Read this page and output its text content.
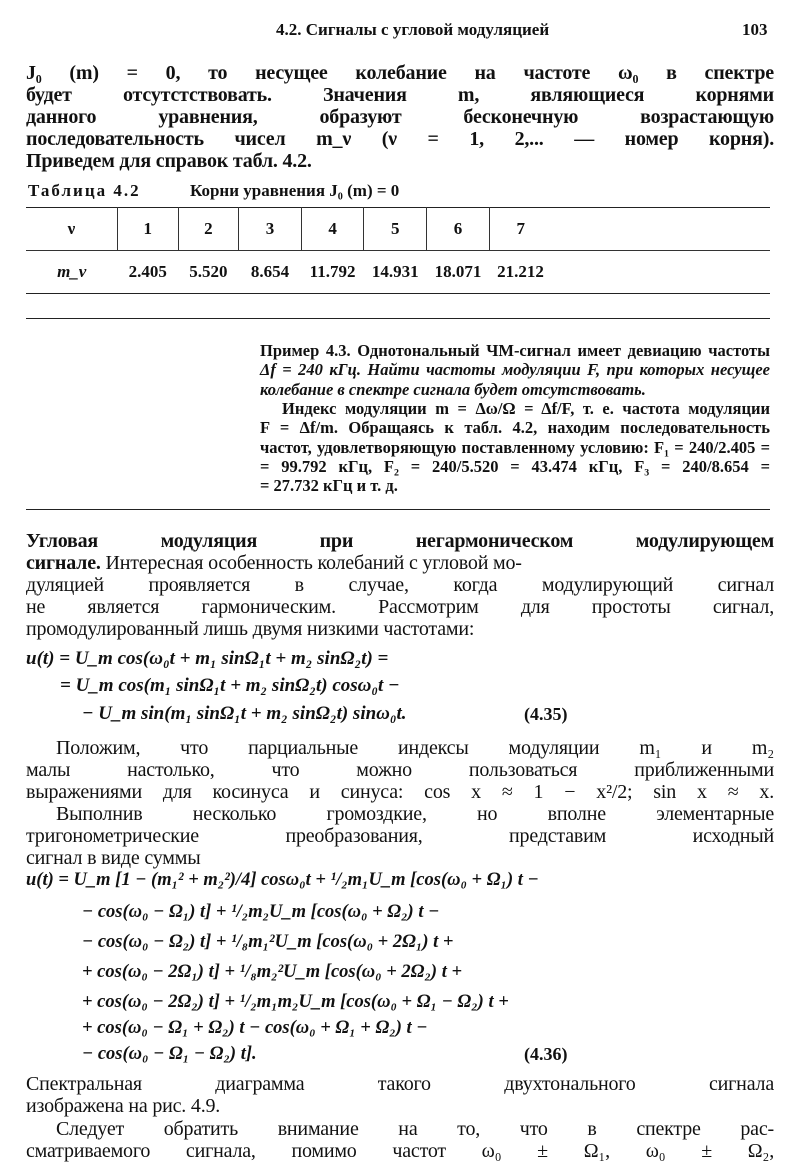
4.2. Сигналы с угловой модуляцией	103
J₀ (m) = 0, то несущее колебание на частоте ω₀ в спектре
будет отсутстствовать. Значения m, являющиеся корнями
данного уравнения, образуют бесконечную возрастающую
последовательность чисел m_ν (ν = 1, 2,... — номер корня).
Приведем для справок табл. 4.2.
Таблица 4.2	Корни уравнения J₀ (m) = 0
ν	1	2	3	4	5	6	7	
m_ν	2.405	5.520	8.654	11.792	14.931	18.071	21.212	
Пример 4.3. Однотональный ЧМ-сигнал имеет девиацию частоты
Δf = 240 кГц. Найти частоты модуляции F, при которых несущее
колебание в спектре сигнала будет отсутствовать.
Индекс модуляции m = Δω/Ω = Δf/F, т. е. частота модуляции
F = Δf/m. Обращаясь к табл. 4.2, находим последовательность
частот, удовлетворяющую поставленному условию: F₁ = 240/2.405 =
= 99.792 кГц, F₂ = 240/5.520 = 43.474 кГц, F₃ = 240/8.654 =
= 27.732 кГц и т. д.
Угловая модуляция при негармоническом модулирующем
сигнале. Интересная особенность колебаний с угловой мо-
дуляцией проявляется в случае, когда модулирующий сигнал
не является гармоническим. Рассмотрим для простоты сигнал,
промодулированный лишь двумя низкими частотами:
u(t) = U_m cos(ω₀t + m₁ sinΩ₁t + m₂ sinΩ₂t) =
= U_m cos(m₁ sinΩ₁t + m₂ sinΩ₂t) cosω₀t −
− U_m sin(m₁ sinΩ₁t + m₂ sinΩ₂t) sinω₀t.	(4.35)
Положим, что парциальные индексы модуляции m₁ и m₂
малы настолько, что можно пользоваться приближенными
выражениями для косинуса и синуса: cos x ≈ 1 − x²/2; sin x ≈ x.
Выполнив несколько громоздкие, но вполне элементарные
тригонометрические преобразования, представим исходный
сигнал в виде суммы
u(t) = U_m [1 − (m₁² + m₂²)/4] cosω₀t + ¹/₂m₁U_m [cos(ω₀ + Ω₁) t −
− cos(ω₀ − Ω₁) t] + ¹/₂m₂U_m [cos(ω₀ + Ω₂) t −
− cos(ω₀ − Ω₂) t] + ¹/₈m₁²U_m [cos(ω₀ + 2Ω₁) t +
+ cos(ω₀ − 2Ω₁) t] + ¹/₈m₂²U_m [cos(ω₀ + 2Ω₂) t +
+ cos(ω₀ − 2Ω₂) t] + ¹/₂m₁m₂U_m [cos(ω₀ + Ω₁ − Ω₂) t +
+ cos(ω₀ − Ω₁ + Ω₂) t − cos(ω₀ + Ω₁ + Ω₂) t −
− cos(ω₀ − Ω₁ − Ω₂) t].	(4.36)
Спектральная диаграмма такого двухтонального сигнала
изображена на рис. 4.9.
Следует обратить внимание на то, что в спектре рас-
сматриваемого сигнала, помимо частот ω₀ ± Ω₁, ω₀ ± Ω₂,
